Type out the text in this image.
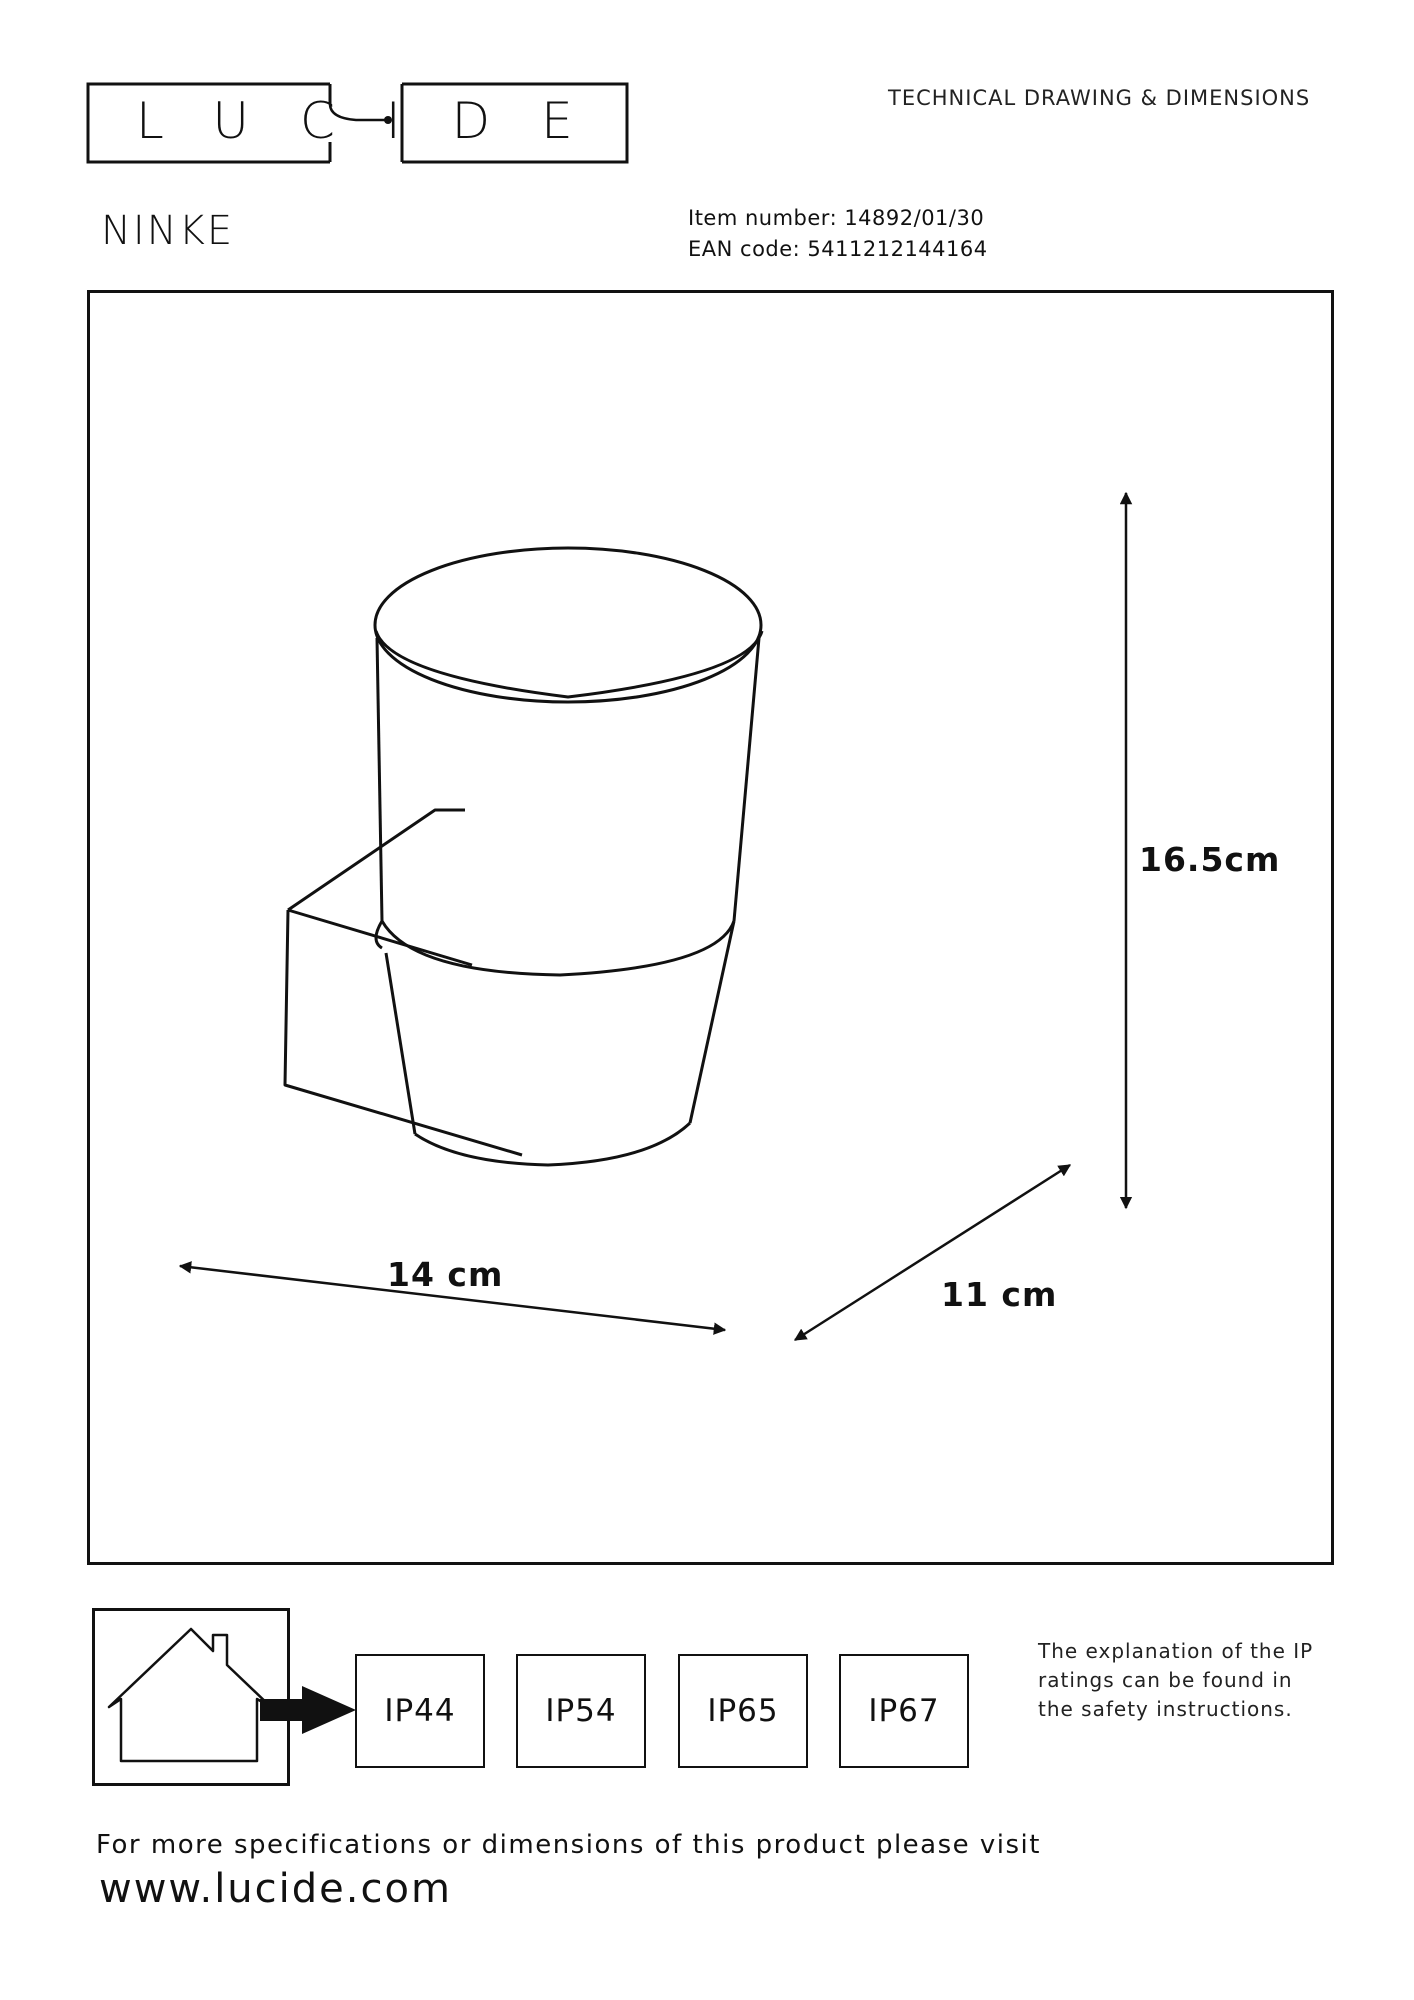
LUCIDE	TECHNICAL DRAWING & DIMENSIONS
NINKE	Item number: 14892/01/30
EAN code: 5411212144164
16.5cm
14 cm
11 cm
IP44	IP54	IP65	IP67
The explanation of the IP ratings can be found in the safety instructions.
For more specifications or dimensions of this product please visit
www.lucide.com
